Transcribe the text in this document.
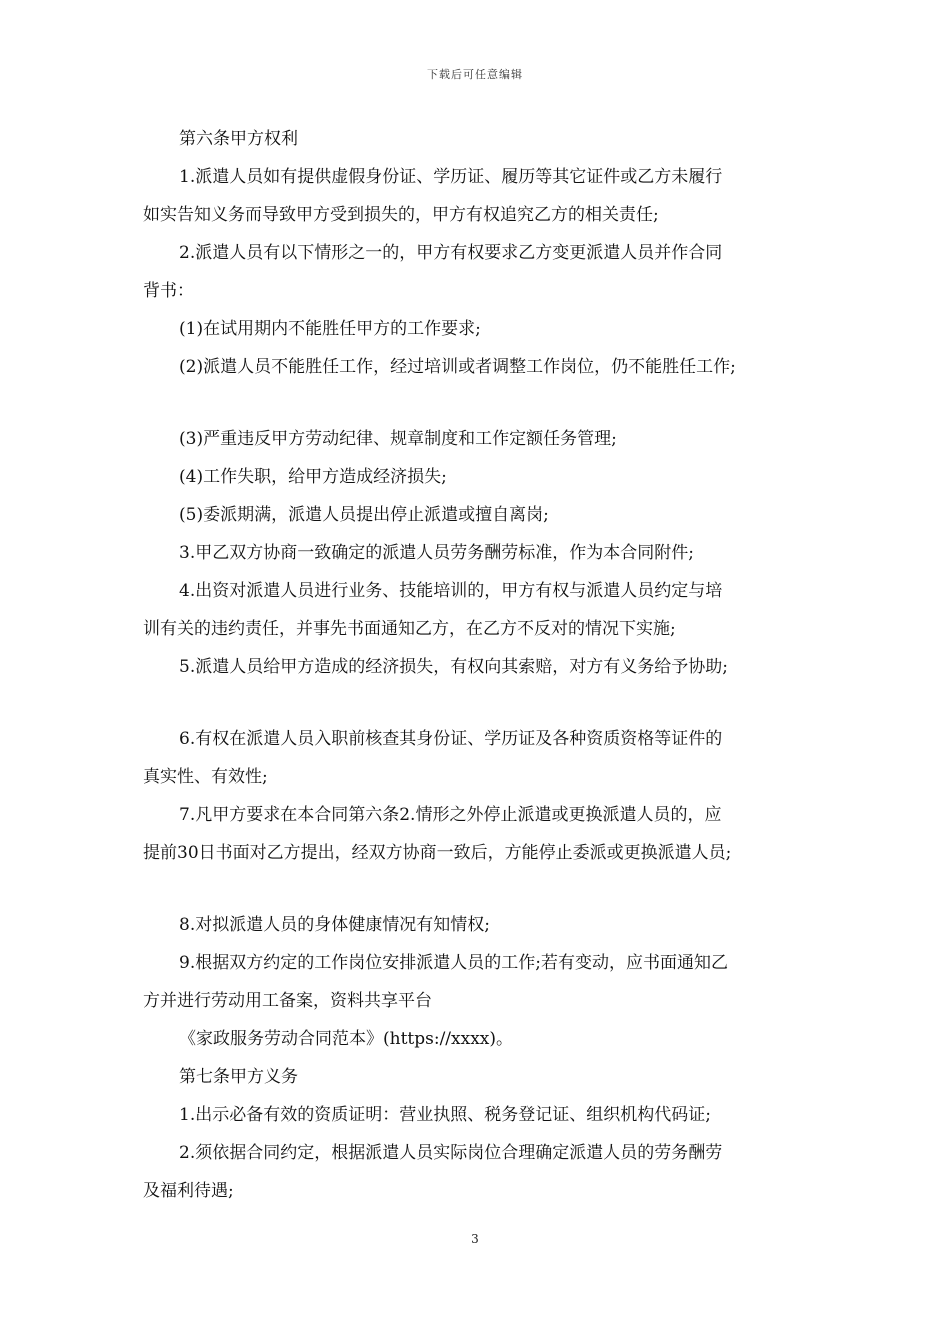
下载后可任意编辑
第六条甲方权利
1.派遣人员如有提供虚假身份证、学历证、履历等其它证件或乙方未履行
如实告知义务而导致甲方受到损失的，甲方有权追究乙方的相关责任;
2.派遣人员有以下情形之一的，甲方有权要求乙方变更派遣人员并作合同
背书：
(1)在试用期内不能胜任甲方的工作要求;
(2)派遣人员不能胜任工作，经过培训或者调整工作岗位，仍不能胜任工作;
(3)严重违反甲方劳动纪律、规章制度和工作定额任务管理;
(4)工作失职，给甲方造成经济损失;
(5)委派期满，派遣人员提出停止派遣或擅自离岗;
3.甲乙双方协商一致确定的派遣人员劳务酬劳标准，作为本合同附件;
4.出资对派遣人员进行业务、技能培训的，甲方有权与派遣人员约定与培
训有关的违约责任，并事先书面通知乙方，在乙方不反对的情况下实施;
5.派遣人员给甲方造成的经济损失，有权向其索赔，对方有义务给予协助;
6.有权在派遣人员入职前核查其身份证、学历证及各种资质资格等证件的
真实性、有效性;
7.凡甲方要求在本合同第六条2.情形之外停止派遣或更换派遣人员的，应
提前30日书面对乙方提出，经双方协商一致后，方能停止委派或更换派遣人员;
8.对拟派遣人员的身体健康情况有知情权;
9.根据双方约定的工作岗位安排派遣人员的工作;若有变动，应书面通知乙
方并进行劳动用工备案，资料共享平台
《家政服务劳动合同范本》(https://xxxx)。
第七条甲方义务
1.出示必备有效的资质证明：营业执照、税务登记证、组织机构代码证;
2.须依据合同约定，根据派遣人员实际岗位合理确定派遣人员的劳务酬劳
及福利待遇;
3
